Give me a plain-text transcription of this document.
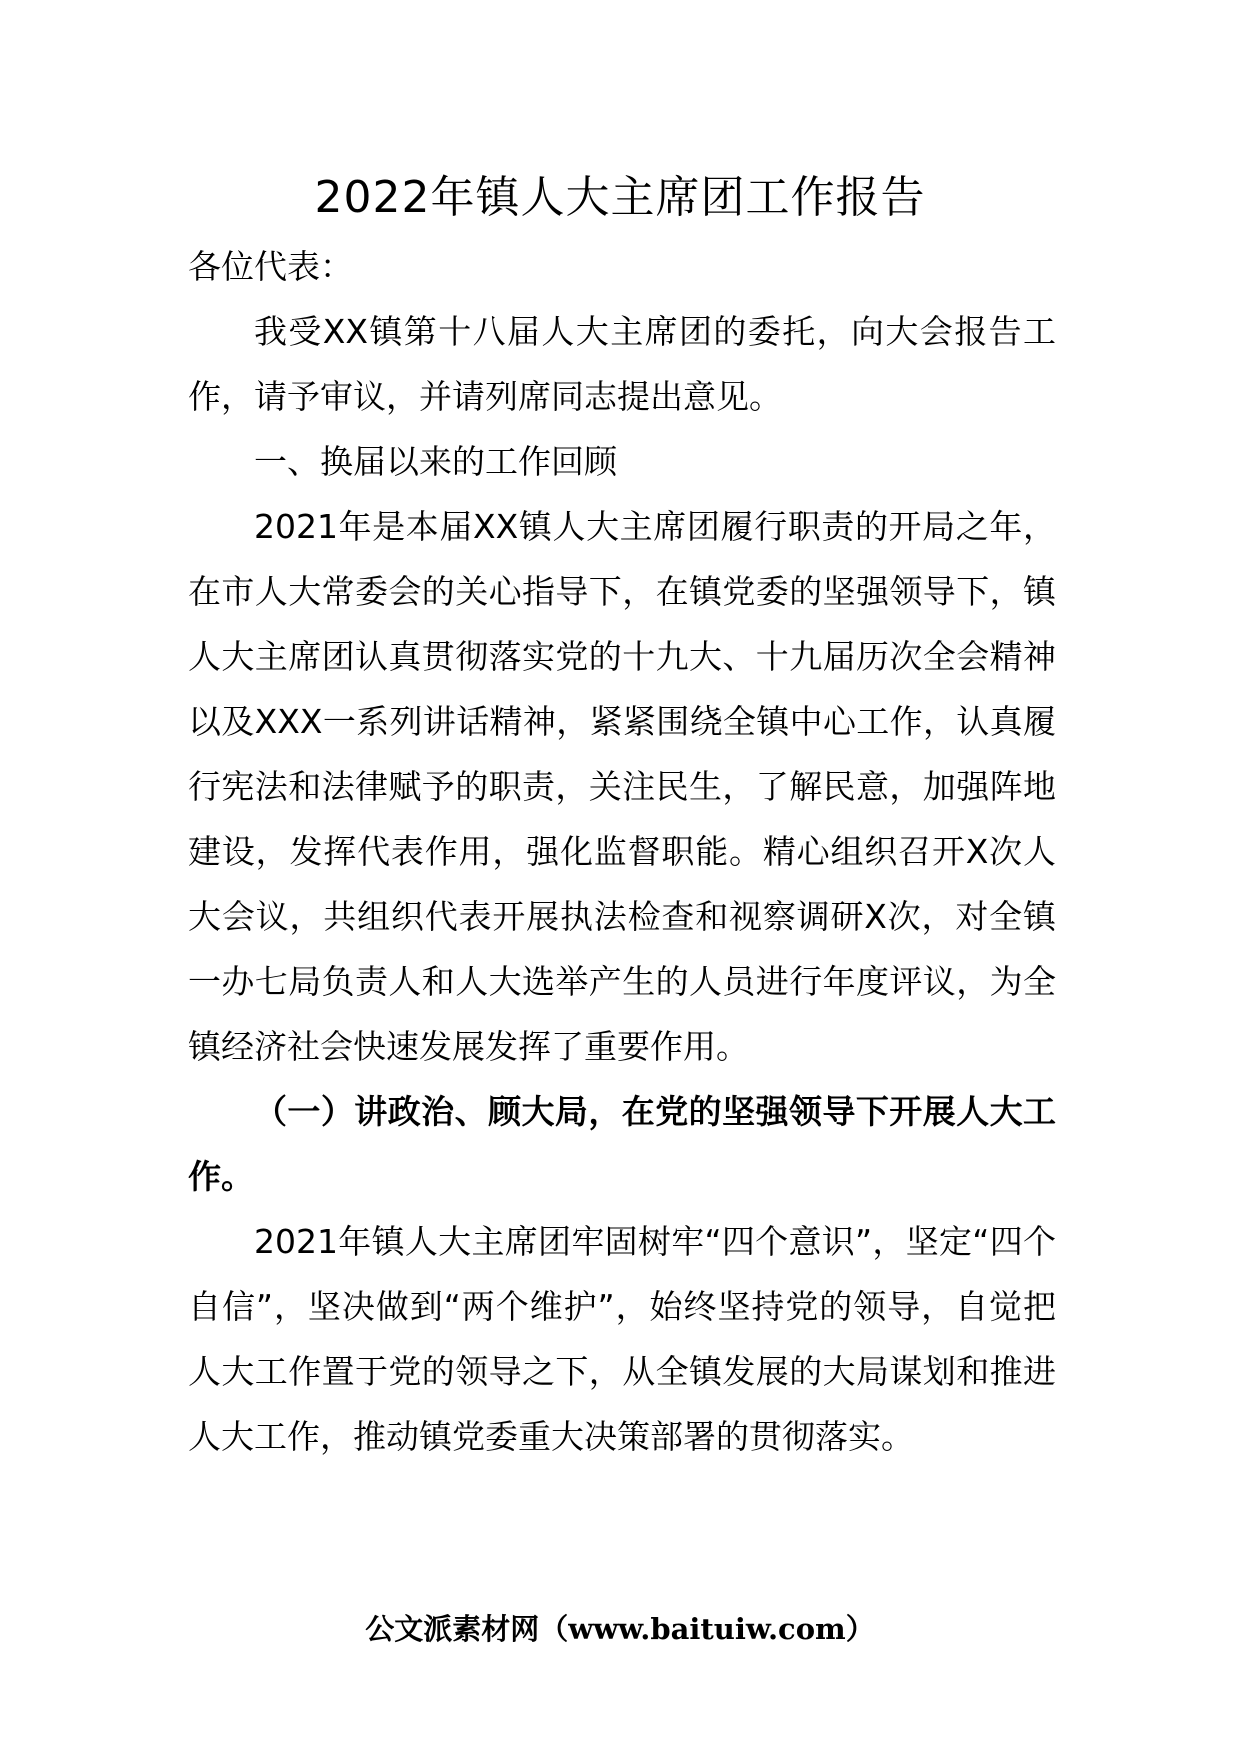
2022年镇人大主席团工作报告

各位代表：

我受XX镇第十八届人大主席团的委托，向大会报告工作，请予审议，并请列席同志提出意见。

一、换届以来的工作回顾

2021年是本届XX镇人大主席团履行职责的开局之年，在市人大常委会的关心指导下，在镇党委的坚强领导下，镇人大主席团认真贯彻落实党的十九大、十九届历次全会精神以及XXX一系列讲话精神，紧紧围绕全镇中心工作，认真履行宪法和法律赋予的职责，关注民生，了解民意，加强阵地建设，发挥代表作用，强化监督职能。精心组织召开X次人大会议，共组织代表开展执法检查和视察调研X次，对全镇一办七局负责人和人大选举产生的人员进行年度评议，为全镇经济社会快速发展发挥了重要作用。

（一）讲政治、顾大局，在党的坚强领导下开展人大工作。

2021年镇人大主席团牢固树牢“四个意识”，坚定“四个自信”，坚决做到“两个维护”，始终坚持党的领导，自觉把人大工作置于党的领导之下，从全镇发展的大局谋划和推进人大工作，推动镇党委重大决策部署的贯彻落实。

公文派素材网（www.baituiw.com）
